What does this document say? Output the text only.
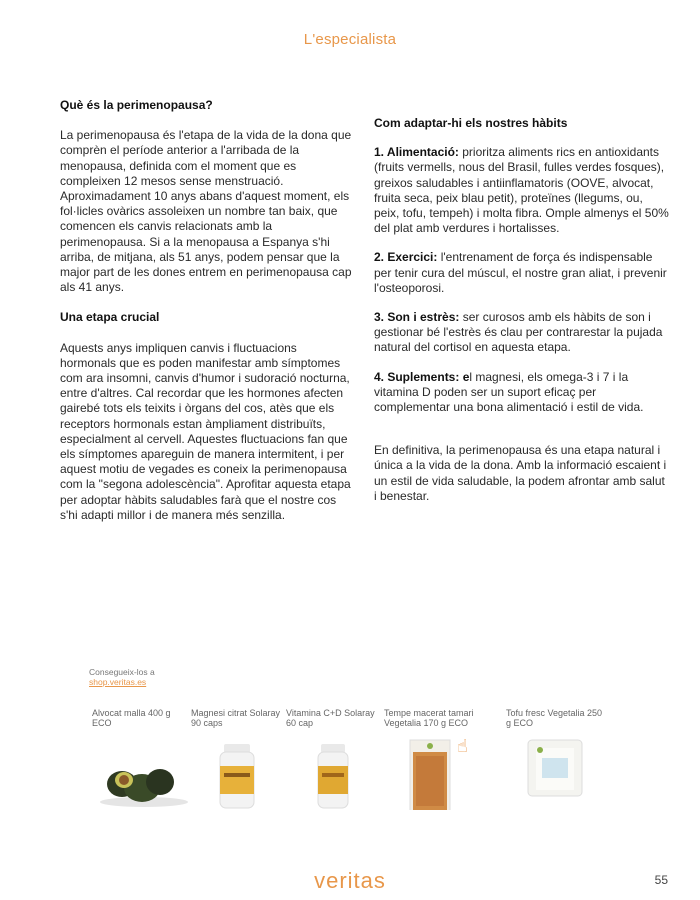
L'especialista
Què és la perimenopausa?
La perimenopausa és l'etapa de la vida de la dona que comprèn el període anterior a l'arribada de la menopausa, definida com el moment que es compleixen 12 mesos sense menstruació. Aproximadament 10 anys abans d'aquest moment, els fol·licles ovàrics assoleixen un nombre tan baix, que comencen els canvis relacionats amb la perimenopausa. Si a la menopausa a Espanya s'hi arriba, de mitjana, als 51 anys, podem pensar que la major part de les dones entrem en perimenopausa cap als 41 anys.
Una etapa crucial
Aquests anys impliquen canvis i fluctuacions hormonals que es poden manifestar amb símptomes com ara insomni, canvis d'humor i sudoració nocturna, entre d'altres. Cal recordar que les hormones afecten gairebé tots els teixits i òrgans del cos, atès que els receptors hormonals estan àmpliament distribuïts, especialment al cervell. Aquestes fluctuacions fan que els símptomes apareguin de manera intermitent, i per aquest motiu de vegades es coneix la perimenopausa com la "segona adolescència". Aprofitar aquesta etapa per adoptar hàbits saludables farà que el nostre cos s'hi adapti millor i de manera més senzilla.
Com adaptar-hi els nostres hàbits
1. Alimentació: prioritza aliments rics en antioxidants (fruits vermells, nous del Brasil, fulles verdes fosques), greixos saludables i antiinflamatoris (OOVE, alvocat, fruita seca, peix blau petit), proteïnes (llegums, ou, peix, tofu, tempeh) i molta fibra. Omple almenys el 50% del plat amb verdures i hortalisses.
2. Exercici: l'entrenament de força és indispensable per tenir cura del múscul, el nostre gran aliat, i prevenir l'osteoporosi.
3. Son i estrès: ser curosos amb els hàbits de son i gestionar bé l'estrès és clau per contrarestar la pujada natural del cortisol en aquesta etapa.
4. Suplements: el magnesi, els omega-3 i 7 i la vitamina D poden ser un suport eficaç per complementar una bona alimentació i estil de vida.
En definitiva, la perimenopausa és una etapa natural i única a la vida de la dona. Amb la informació escaient i un estil de vida saludable, la podem afrontar amb salut i benestar.
Consegueix-los a
shop.veritas.es
Alvocat malla 400 g ECO
Magnesi citrat Solaray 90 caps
Vitamina C+D Solaray 60 cap
Tempe macerat tamari Vegetalia 170 g ECO
Tofu fresc Vegetalia 250 g ECO
☝
veritas	55
